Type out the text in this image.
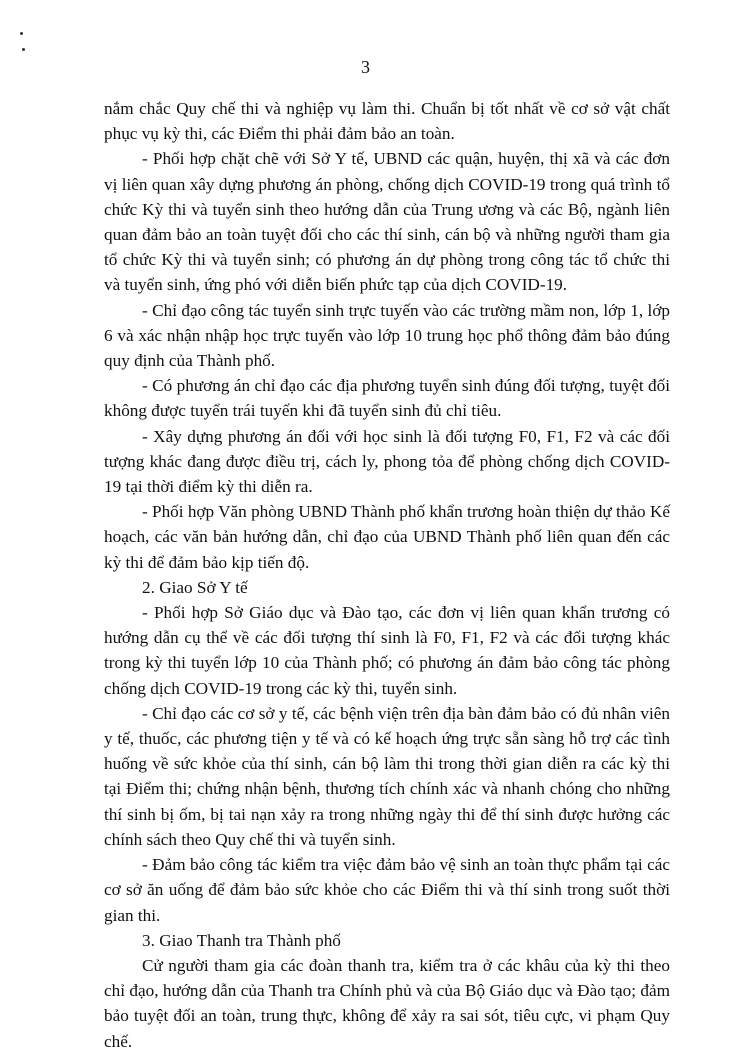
3

nắm chắc Quy chế thi và nghiệp vụ làm thi. Chuẩn bị tốt nhất về cơ sở vật chất phục vụ kỳ thi, các Điểm thi phải đảm bảo an toàn.

- Phối hợp chặt chẽ với Sở Y tế, UBND các quận, huyện, thị xã và các đơn vị liên quan xây dựng phương án phòng, chống dịch COVID-19 trong quá trình tổ chức Kỳ thi và tuyển sinh theo hướng dẫn của Trung ương và các Bộ, ngành liên quan đảm bảo an toàn tuyệt đối cho các thí sinh, cán bộ và những người tham gia tổ chức Kỳ thi và tuyển sinh; có phương án dự phòng trong công tác tổ chức thi và tuyển sinh, ứng phó với diễn biến phức tạp của dịch COVID-19.

- Chỉ đạo công tác tuyển sinh trực tuyến vào các trường mầm non, lớp 1, lớp 6 và xác nhận nhập học trực tuyến vào lớp 10 trung học phổ thông đảm bảo đúng quy định của Thành phố.

- Có phương án chỉ đạo các địa phương tuyển sinh đúng đối tượng, tuyệt đối không được tuyển trái tuyến khi đã tuyển sinh đủ chỉ tiêu.

- Xây dựng phương án đối với học sinh là đối tượng F0, F1, F2 và các đối tượng khác đang được điều trị, cách ly, phong tỏa để phòng chống dịch COVID-19 tại thời điểm kỳ thi diễn ra.

- Phối hợp Văn phòng UBND Thành phố khẩn trương hoàn thiện dự thảo Kế hoạch, các văn bản hướng dẫn, chỉ đạo của UBND Thành phố liên quan đến các kỳ thi để đảm bảo kịp tiến độ.

2. Giao Sở Y tế

- Phối hợp Sở Giáo dục và Đào tạo, các đơn vị liên quan khẩn trương có hướng dẫn cụ thể về các đối tượng thí sinh là F0, F1, F2 và các đối tượng khác trong kỳ thi tuyển lớp 10 của Thành phố; có phương án đảm bảo công tác phòng chống dịch COVID-19 trong các kỳ thi, tuyển sinh.

- Chỉ đạo các cơ sở y tế, các bệnh viện trên địa bàn đảm bảo có đủ nhân viên y tế, thuốc, các phương tiện y tế và có kế hoạch ứng trực sẵn sàng hỗ trợ các tình huống về sức khỏe của thí sinh, cán bộ làm thi trong thời gian diễn ra các kỳ thi tại Điểm thi; chứng nhận bệnh, thương tích chính xác và nhanh chóng cho những thí sinh bị ốm, bị tai nạn xảy ra trong những ngày thi để thí sinh được hưởng các chính sách theo Quy chế thi và tuyển sinh.

- Đảm bảo công tác kiểm tra việc đảm bảo vệ sinh an toàn thực phẩm tại các cơ sở ăn uống để đảm bảo sức khỏe cho các Điểm thi và thí sinh trong suốt thời gian thi.

3. Giao Thanh tra Thành phố

Cử người tham gia các đoàn thanh tra, kiểm tra ở các khâu của kỳ thi theo chỉ đạo, hướng dẫn của Thanh tra Chính phủ và của Bộ Giáo dục và Đào tạo; đảm bảo tuyệt đối an toàn, trung thực, không để xảy ra sai sót, tiêu cực, vi phạm Quy chế.
